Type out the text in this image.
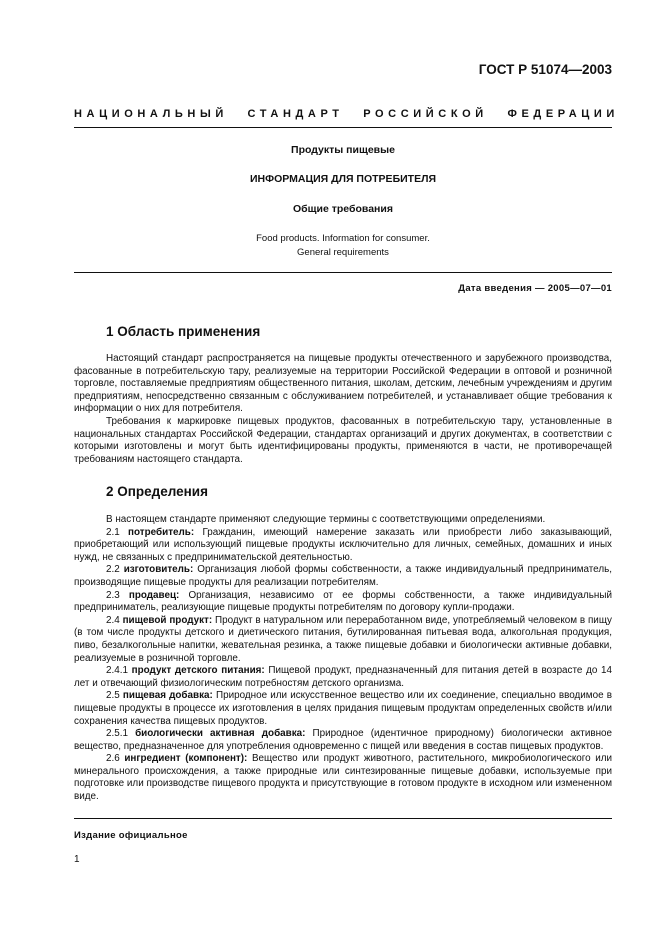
ГОСТ Р 51074—2003
НАЦИОНАЛЬНЫЙ СТАНДАРТ РОССИЙСКОЙ ФЕДЕРАЦИИ
Продукты пищевые
ИНФОРМАЦИЯ ДЛЯ ПОТРЕБИТЕЛЯ
Общие требования
Food products. Information for consumer.
General requirements
Дата введения — 2005—07—01
1 Область применения

Настоящий стандарт распространяется на пищевые продукты отечественного и зарубежного производства, фасованные в потребительскую тару, реализуемые на территории Российской Федерации в оптовой и розничной торговле, поставляемые предприятиям общественного питания, школам, детским, лечебным учреждениям и другим предприятиям, непосредственно связанным с обслуживанием потребителей, и устанавливает общие требования к информации о них для потребителя.

Требования к маркировке пищевых продуктов, фасованных в потребительскую тару, установленные в национальных стандартах Российской Федерации, стандартах организаций и других документах, в соответствии с которыми изготовлены и могут быть идентифицированы продукты, применяются в части, не противоречащей требованиям настоящего стандарта.

2 Определения

В настоящем стандарте применяют следующие термины с соответствующими определениями.

2.1 потребитель: Гражданин, имеющий намерение заказать или приобрести либо заказывающий, приобретающий или использующий пищевые продукты исключительно для личных, семейных, домашних и иных нужд, не связанных с предпринимательской деятельностью.

2.2 изготовитель: Организация любой формы собственности, а также индивидуальный предприниматель, производящие пищевые продукты для реализации потребителям.

2.3 продавец: Организация, независимо от ее формы собственности, а также индивидуальный предприниматель, реализующие пищевые продукты потребителям по договору купли-продажи.

2.4 пищевой продукт: Продукт в натуральном или переработанном виде, употребляемый человеком в пищу (в том числе продукты детского и диетического питания, бутилированная питьевая вода, алкогольная продукция, пиво, безалкогольные напитки, жевательная резинка, а также пищевые добавки и биологически активные добавки, реализуемые в розничной торговле.

2.4.1 продукт детского питания: Пищевой продукт, предназначенный для питания детей в возрасте до 14 лет и отвечающий физиологическим потребностям детского организма.

2.5 пищевая добавка: Природное или искусственное вещество или их соединение, специально вводимое в пищевые продукты в процессе их изготовления в целях придания пищевым продуктам определенных свойств и/или сохранения качества пищевых продуктов.

2.5.1 биологически активная добавка: Природное (идентичное природному) биологически активное вещество, предназначенное для употребления одновременно с пищей или введения в состав пищевых продуктов.

2.6 ингредиент (компонент): Вещество или продукт животного, растительного, микробиологического или минерального происхождения, а также природные или синтезированные пищевые добавки, используемые при подготовке или производстве пищевого продукта и присутствующие в готовом продукте в исходном или измененном виде.

Издание официальное
1
